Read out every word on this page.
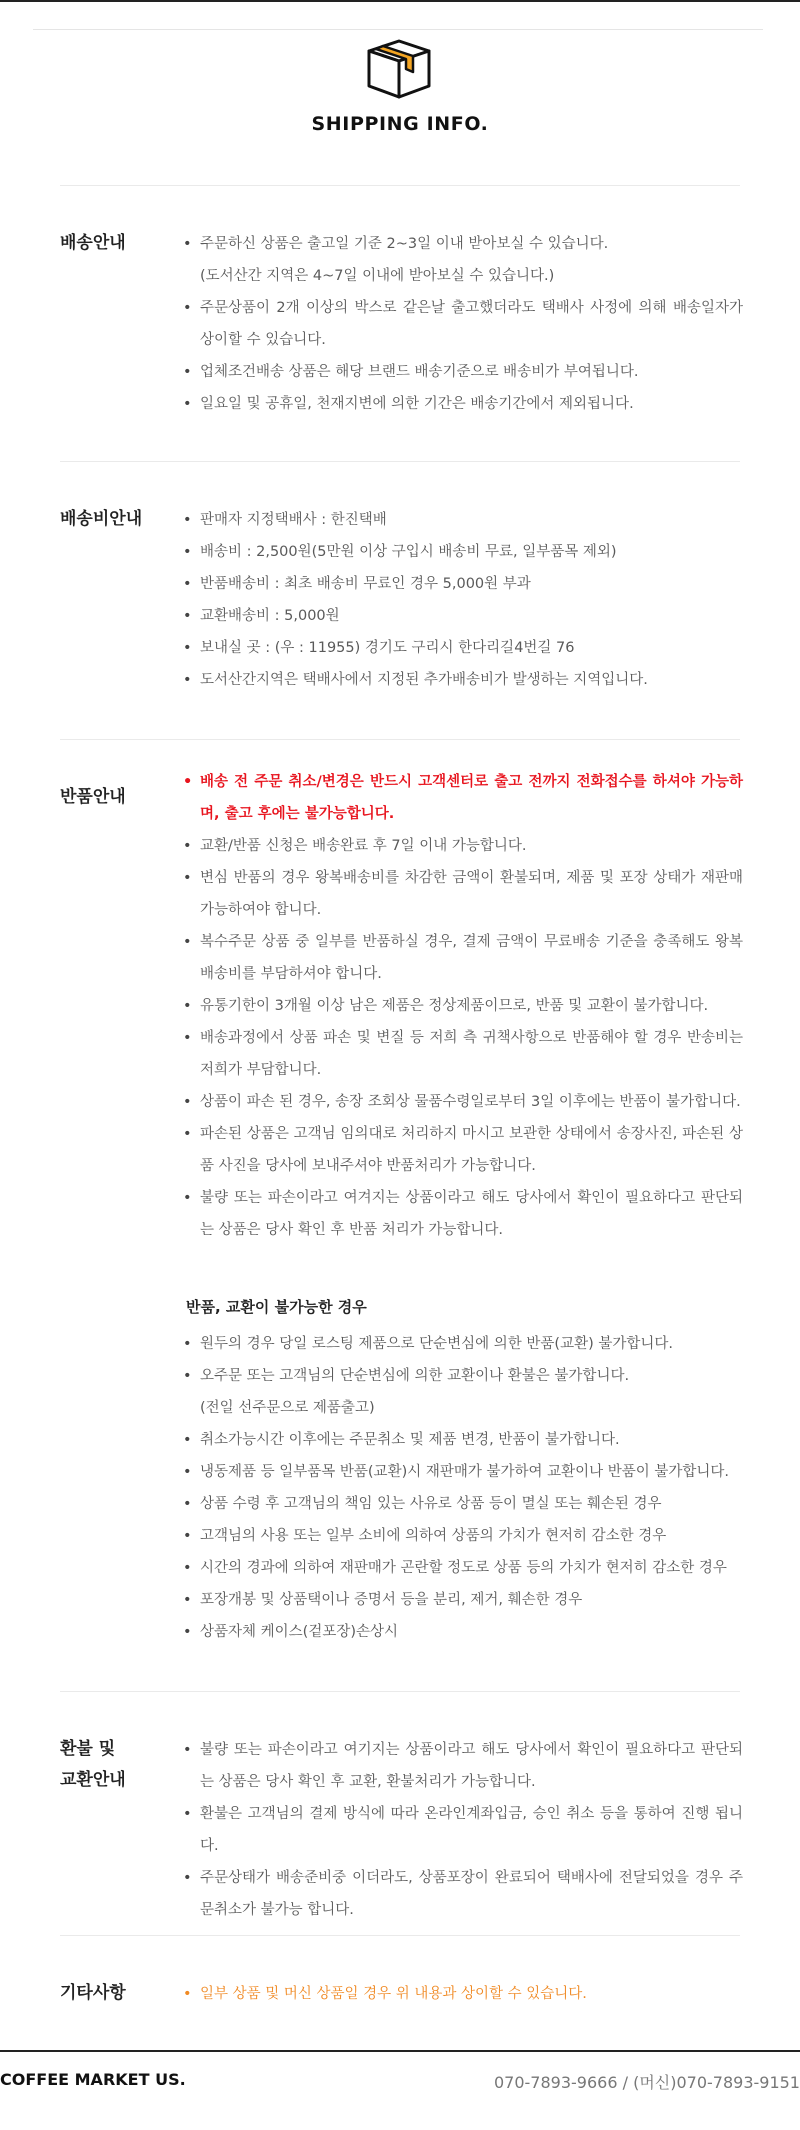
SHIPPING INFO.
배송안내	• 주문하신 상품은 출고일 기준 2~3일 이내 받아보실 수 있습니다.
(도서산간 지역은 4~7일 이내에 받아보실 수 있습니다.)
• 주문상품이 2개 이상의 박스로 같은날 출고했더라도 택배사 사정에 의해 배송일자가 상이할 수 있습니다.
• 업체조건배송 상품은 해당 브랜드 배송기준으로 배송비가 부여됩니다.
• 일요일 및 공휴일, 천재지변에 의한 기간은 배송기간에서 제외됩니다.
배송비안내	• 판매자 지정택배사 : 한진택배
• 배송비 : 2,500원(5만원 이상 구입시 배송비 무료, 일부품목 제외)
• 반품배송비 : 최초 배송비 무료인 경우 5,000원 부과
• 교환배송비 : 5,000원
• 보내실 곳 : (우 : 11955) 경기도 구리시 한다리길4번길 76
• 도서산간지역은 택배사에서 지정된 추가배송비가 발생하는 지역입니다.
반품안내
• 배송 전 주문 취소/변경은 반드시 고객센터로 출고 전까지 전화접수를 하셔야 가능하며, 출고 후에는 불가능합니다.
• 교환/반품 신청은 배송완료 후 7일 이내 가능합니다.
• 변심 반품의 경우 왕복배송비를 차감한 금액이 환불되며, 제품 및 포장 상태가 재판매 가능하여야 합니다.
• 복수주문 상품 중 일부를 반품하실 경우, 결제 금액이 무료배송 기준을 충족해도 왕복배송비를 부담하셔야 합니다.
• 유통기한이 3개월 이상 남은 제품은 정상제품이므로, 반품 및 교환이 불가합니다.
• 배송과정에서 상품 파손 및 변질 등 저희 측 귀책사항으로 반품해야 할 경우 반송비는 저희가 부담합니다.
• 상품이 파손 된 경우, 송장 조회상 물품수령일로부터 3일 이후에는 반품이 불가합니다.
• 파손된 상품은 고객님 임의대로 처리하지 마시고 보관한 상태에서 송장사진, 파손된 상품 사진을 당사에 보내주셔야 반품처리가 가능합니다.
• 불량 또는 파손이라고 여겨지는 상품이라고 해도 당사에서 확인이 필요하다고 판단되는 상품은 당사 확인 후 반품 처리가 가능합니다.
반품, 교환이 불가능한 경우
• 원두의 경우 당일 로스팅 제품으로 단순변심에 의한 반품(교환) 불가합니다.
• 오주문 또는 고객님의 단순변심에 의한 교환이나 환불은 불가합니다.
(전일 선주문으로 제품출고)
• 취소가능시간 이후에는 주문취소 및 제품 변경, 반품이 불가합니다.
• 냉동제품 등 일부품목 반품(교환)시 재판매가 불가하여 교환이나 반품이 불가합니다.
• 상품 수령 후 고객님의 책임 있는 사유로 상품 등이 멸실 또는 훼손된 경우
• 고객님의 사용 또는 일부 소비에 의하여 상품의 가치가 현저히 감소한 경우
• 시간의 경과에 의하여 재판매가 곤란할 정도로 상품 등의 가치가 현저히 감소한 경우
• 포장개봉 및 상품택이나 증명서 등을 분리, 제거, 훼손한 경우
• 상품자체 케이스(겉포장)손상시
환불 및
교환안내
• 불량 또는 파손이라고 여기지는 상품이라고 해도 당사에서 확인이 필요하다고 판단되는 상품은 당사 확인 후 교환, 환불처리가 가능합니다.
• 환불은 고객님의 결제 방식에 따라 온라인계좌입금, 승인 취소 등을 통하여 진행 됩니다.
• 주문상태가 배송준비중 이더라도, 상품포장이 완료되어 택배사에 전달되었을 경우 주문취소가 불가능 합니다.
기타사항	• 일부 상품 및 머신 상품일 경우 위 내용과 상이할 수 있습니다.
COFFEE MARKET US.	070-7893-9666 / (머신)070-7893-9151
